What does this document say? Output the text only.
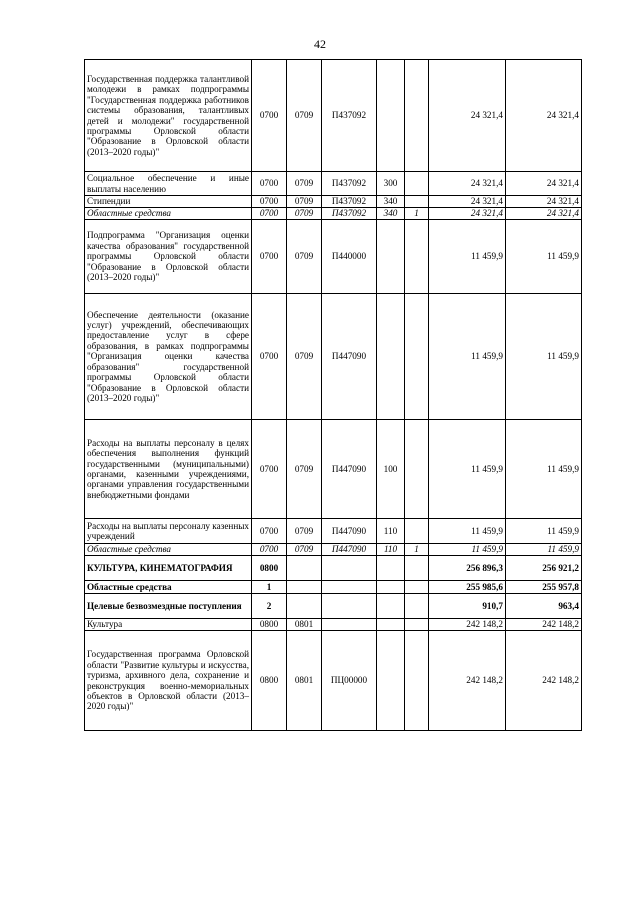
42
Государственная поддержка талантливой молодежи в рамках подпрограммы "Государственная поддержка работников системы образования, талантливых детей и молодежи" государственной программы Орловской области "Образование в Орловской области (2013–2020 годы)"	0700	0709	П437092			24 321,4	24 321,4
Социальное обеспечение и иные выплаты населению	0700	0709	П437092	300		24 321,4	24 321,4
Стипендии	0700	0709	П437092	340		24 321,4	24 321,4
Областные средства	0700	0709	П437092	340	1	24 321,4	24 321,4
Подпрограмма "Организация оценки качества образования" государственной программы Орловской области "Образование в Орловской области (2013–2020 годы)"	0700	0709	П440000			11 459,9	11 459,9
Обеспечение деятельности (оказание услуг) учреждений, обеспечивающих предоставление услуг в сфере образования, в рамках подпрограммы "Организация оценки качества образования" государственной программы Орловской области "Образование в Орловской области (2013–2020 годы)"	0700	0709	П447090			11 459,9	11 459,9
Расходы на выплаты персоналу в целях обеспечения выполнения функций государственными (муниципальными) органами, казенными учреждениями, органами управления государственными внебюджетными фондами	0700	0709	П447090	100		11 459,9	11 459,9
Расходы на выплаты персоналу казенных учреждений	0700	0709	П447090	110		11 459,9	11 459,9
Областные средства	0700	0709	П447090	110	1	11 459,9	11 459,9
КУЛЬТУРА, КИНЕМАТОГРАФИЯ	0800					256 896,3	256 921,2
Областные средства	1					255 985,6	255 957,8
Целевые безвозмездные поступления	2					910,7	963,4
Культура	0800	0801				242 148,2	242 148,2
Государственная программа Орловской области "Развитие культуры и искусства, туризма, архивного дела, сохранение и реконструкция военно-мемориальных объектов в Орловской области (2013–2020 годы)"	0800	0801	ПЦ00000			242 148,2	242 148,2
